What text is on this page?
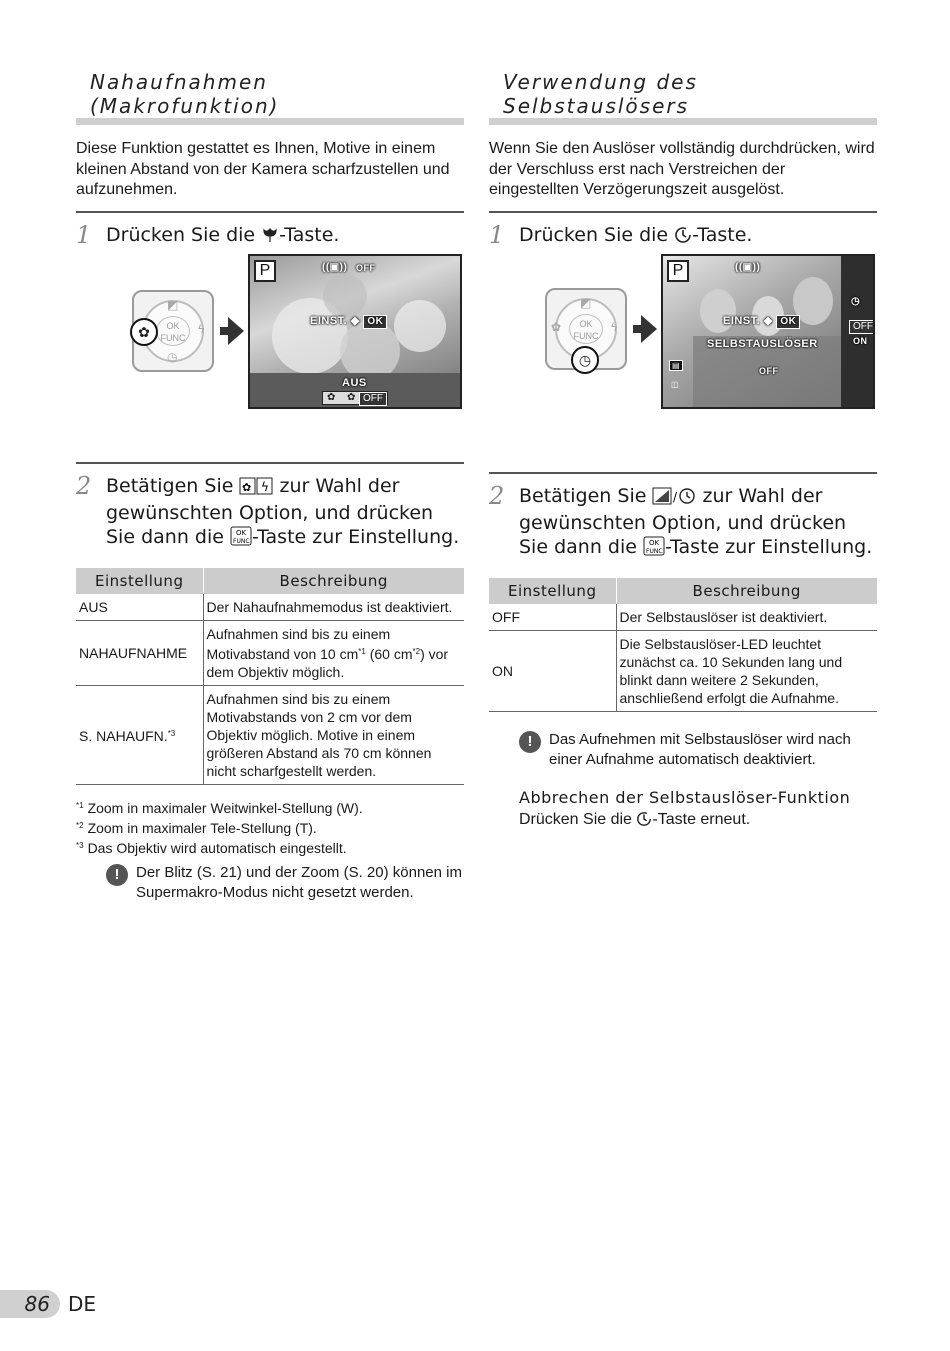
Nahaufnahmen (Makrofunktion)

Diese Funktion gestattet es Ihnen, Motive in einem kleinen Abstand von der Kamera scharfzustellen und aufzunehmen.

1 Drücken Sie die -Taste.
◩
ϟ
◷
OK
FUNC
✿
P	((▣)) OFF
EINST. ◆ OK
AUS
✿ ✿ OFF
2 Betätigen Sie ✿ ϟ zur Wahl der gewünschten Option, und drücken Sie dann die OK
FUNC -Taste zur Einstellung.
Einstellung	Beschreibung
AUS	Der Nahaufnahmemodus ist deaktiviert.
NAHAUFNAHME	Aufnahmen sind bis zu einem Motivabstand von 10 $cm^{*1}$ (60 $cm^{*2}$) vor dem Objektiv möglich.
S. NAHAUFN.$^{*3}$	Aufnahmen sind bis zu einem Motivabstands von 2 cm vor dem Objektiv möglich. Motive in einem größeren Abstand als 70 cm können nicht scharfgestellt werden.
$^{*1}$ Zoom in maximaler Weitwinkel-Stellung (W).
$^{*2}$ Zoom in maximaler Tele-Stellung (T).
$^{*3}$ Das Objektiv wird automatisch eingestellt.
!	Der Blitz (S. 21) und der Zoom (S. 20) können im Supermakro-Modus nicht gesetzt werden.
Verwendung des
Selbstauslösers

Wenn Sie den Auslöser vollständig durchdrücken, wird der Verschluss erst nach Verstreichen der eingestellten Verzögerungszeit ausgelöst.

1 Drücken Sie die -Taste.
◩
ϟ
✿	OK
FUNC
◷
P	((▣))
EINST. ◆ OK
SELBSTAUSLÖSER
◷
OFF
ON
▤
◫
OFF
2 Betätigen Sie / zur Wahl der gewünschten Option, und drücken Sie dann die OK
FUNC -Taste zur Einstellung.
Einstellung	Beschreibung
OFF	Der Selbstauslöser ist deaktiviert.
ON	Die Selbstauslöser-LED leuchtet zunächst ca. 10 Sekunden lang und blinkt dann weitere 2 Sekunden, anschließend erfolgt die Aufnahme.
!	Das Aufnehmen mit Selbstauslöser wird nach einer Aufnahme automatisch deaktiviert.
Abbrechen der Selbstauslöser-Funktion
Drücken Sie die -Taste erneut.
86 DE
